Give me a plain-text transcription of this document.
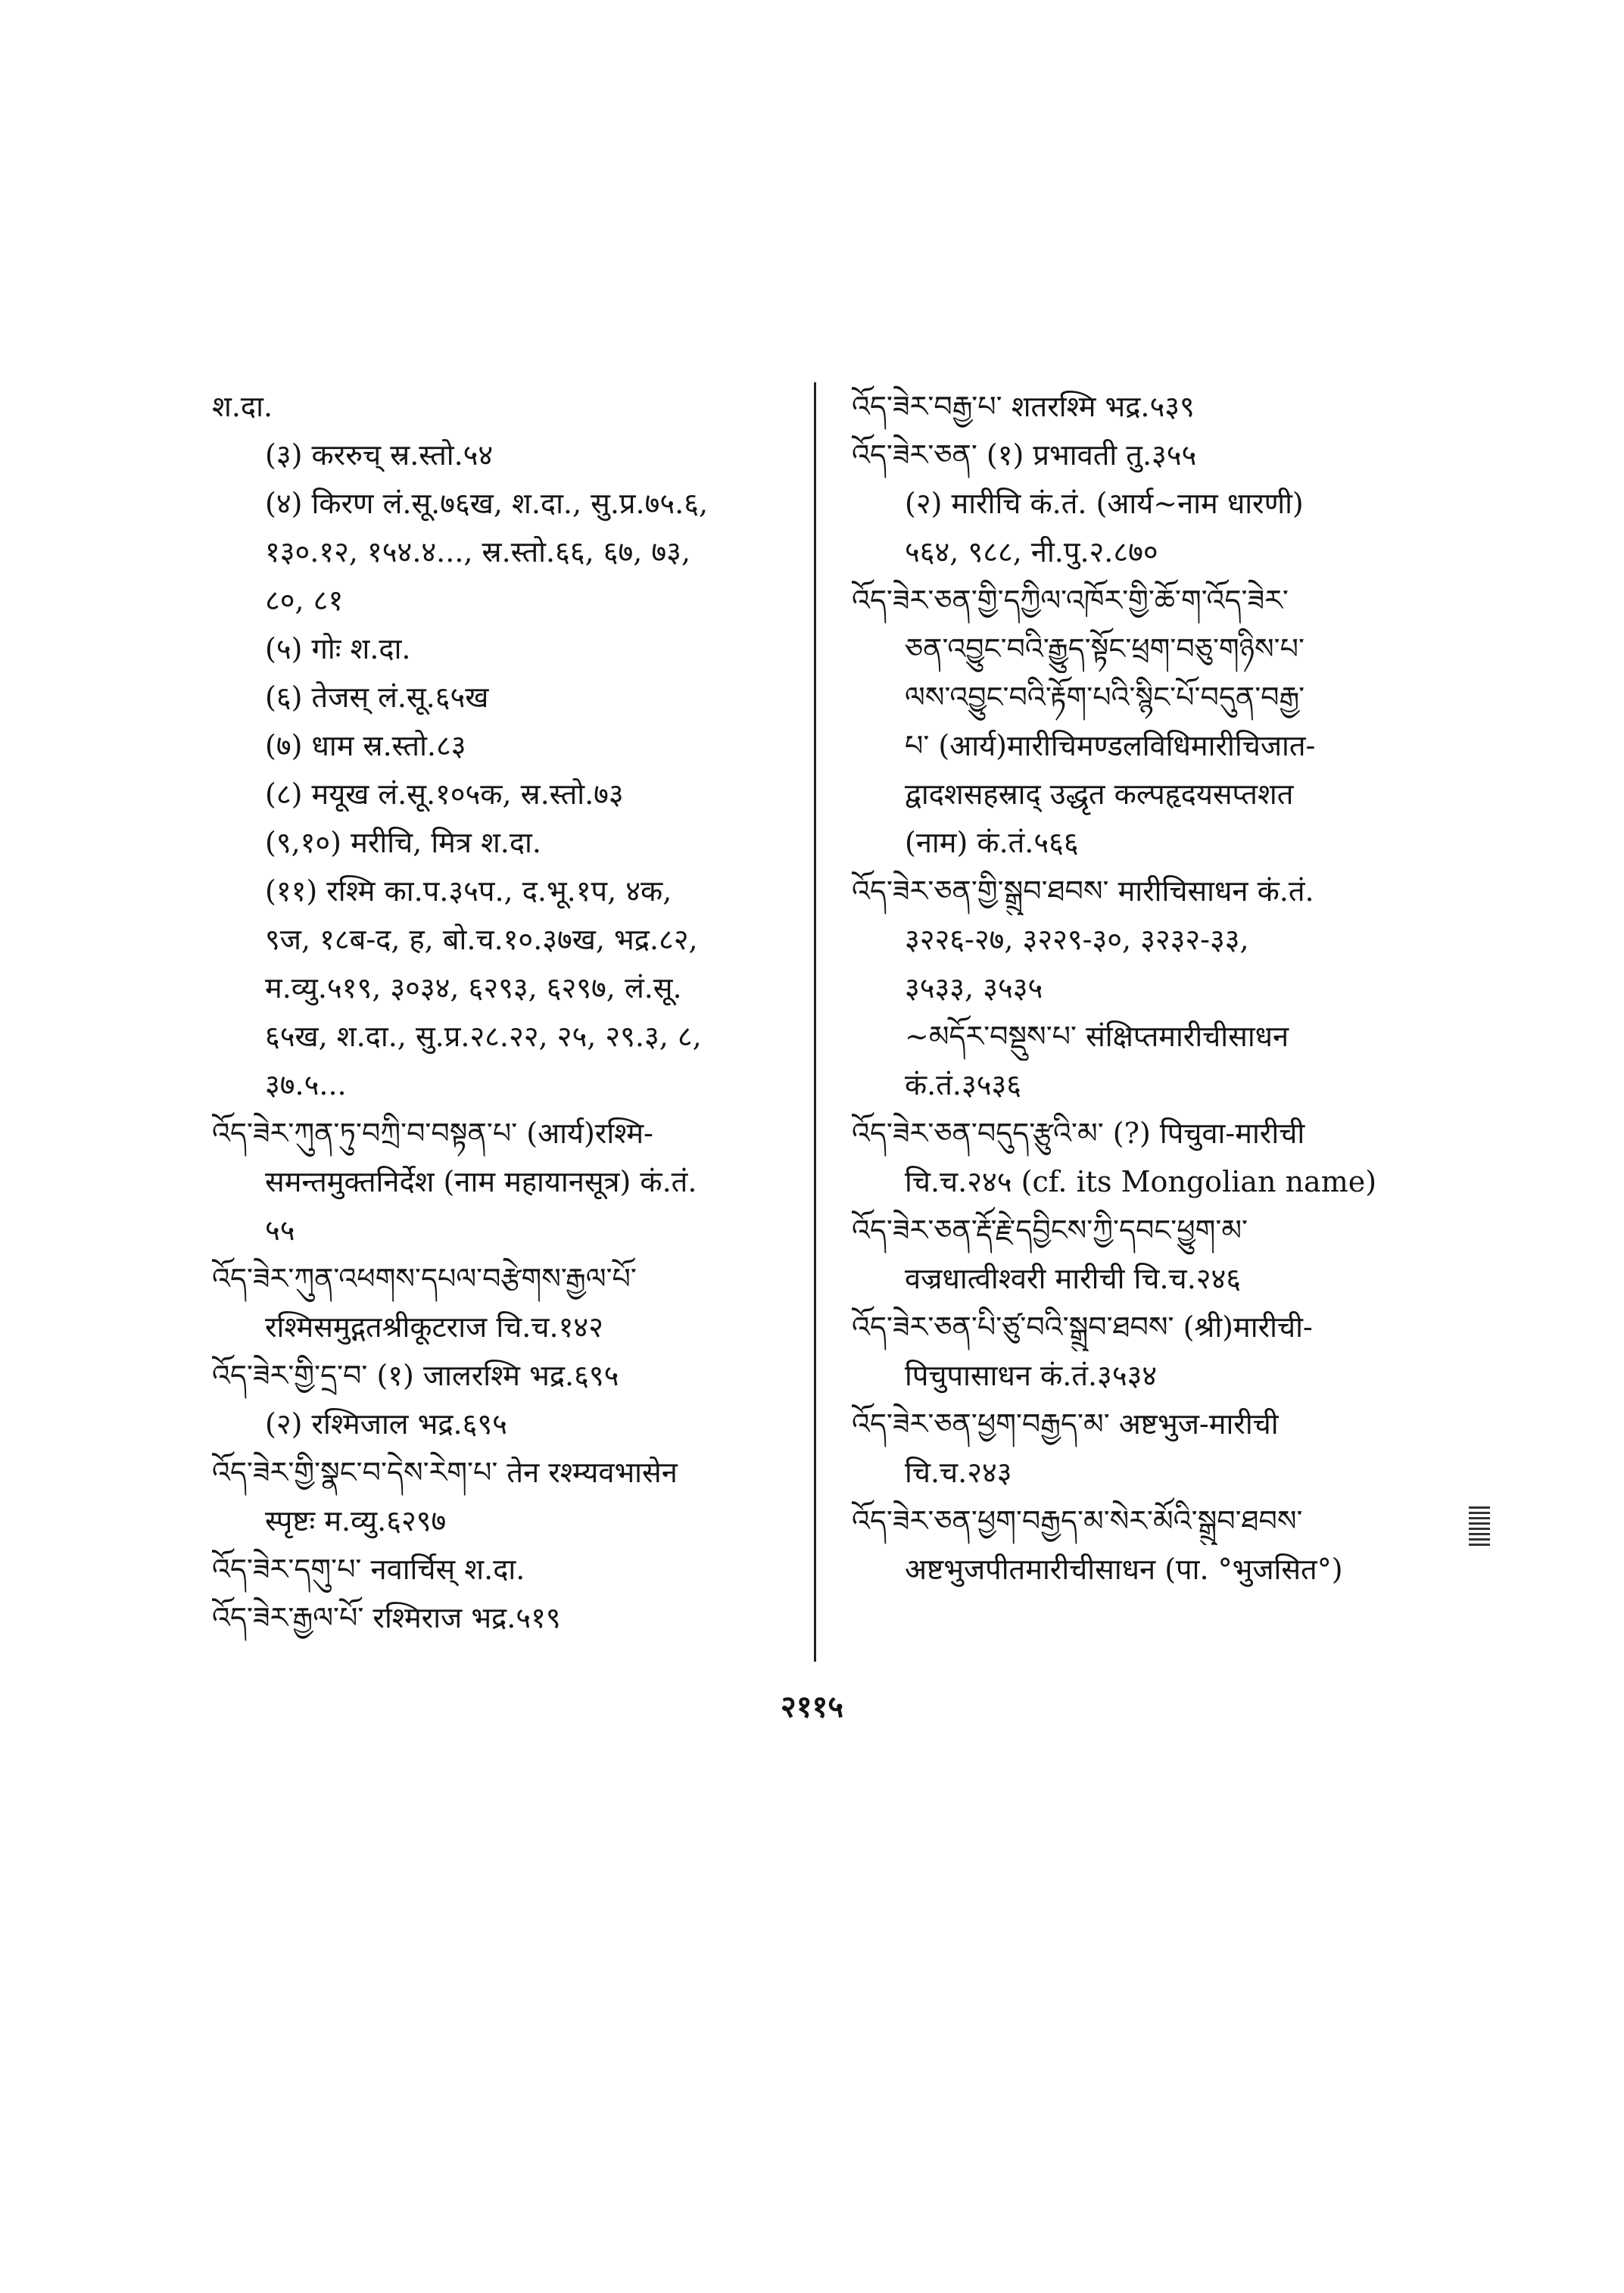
श.दा.
(३) कररुच् स्र.स्तो.५४
(४) किरण लं.सू.७६ख, श.दा., सु.प्र.७५.६,
१३०.१२, १५४.४..., स्र.स्तो.६६, ६७, ७३,
८०, ८१
(५) गोः श.दा.
(६) तेजस् लं.सू.६५ख
(७) धाम स्र.स्तो.८३
(८) मयूख लं.सू.१०५क, स्र.स्तो.७३
(९,१०) मरीचि, मित्र श.दा.
(११) रश्मि का.प.३५प., द.भू.१प, ४क,
९ज, १८ब-द, ह, बो.च.१०.३७ख, भद्र.८२,
म.व्यु.५१९, ३०३४, ६२९३, ६२९७, लं.सू.
६५ख, श.दा., सु.प्र.२८.२२, २५, २९.३, ८,
३७.५...
འོད་ཟེར་ཀུན་ཏུ་བཀྲི་བ་བསྟན་པ་ (आर्य)रश्मि-
समन्तमुक्तनिर्देश (नाम महायानसूत्र) कं.तं.
५५
འོད་ཟེར་ཀུན་འཕགས་དཔལ་བརྩེགས་རྒྱལ་པོ་
रश्मिसमुद्गतश्रीकूटराज चि.च.१४२
འོད་ཟེར་གྱི་དྲ་བ་ (१) जालरश्मि भद्र.६९५
(२) रश्मिजाल भद्र.६९५
འོད་ཟེར་གྱི་སྣང་བ་དེས་རེག་པ་ तेन रश्म्यवभासेन
स्पृष्टः म.व्यु.६२९७
འོད་ཟེར་དགུ་པ་ नवार्चिस् श.दा.
འོད་ཟེར་རྒྱལ་པོ་ रश्मिराज भद्र.५१९
འོད་ཟེར་བརྒྱ་པ་ शतरश्मि भद्र.५३९
འོད་ཟེར་ཅན་ (१) प्रभावती तु.३५५
(२) मारीचि कं.तं. (आर्य~नाम धारणी)
५६४, ९८८, नी.पु.२.८७०
འོད་ཟེར་ཅན་གྱི་དཀྱིལ་འཁོར་གྱི་ཆོ་ག་འོད་ཟེར་
ཅན་འབྱུང་བའི་རྒྱུད་སྟོང་ཕྲག་བཅུ་གཉིས་པ་
ལས་འབྱུང་བའི་རྟོག་པའི་སྙིང་པོ་བདུན་བརྒྱ་
པ་ (आर्य)मारीचिमण्डलविधिमारीचिजात-
द्वादशसहस्राद् उद्धृत कल्पहृदयसप्तशत
(नाम) कं.तं.५६६
འོད་ཟེར་ཅན་གྱི་སྒྲུབ་ཐབས་ मारीचिसाधन कं.तं.
३२२६-२७, ३२२९-३०, ३२३२-३३,
३५३३, ३५३५
~མདོར་བསྡུས་པ་ संक्षिप्तमारीचीसाधन
कं.तं.३५३६
འོད་ཟེར་ཅན་བདུད་རྩུའི་མ་ (?) पिचुवा-मारीची
चि.च.२४५ (cf. its Mongolian name)
འོད་ཟེར་ཅན་རྡོ་རྗེ་དབྱིངས་ཀྱི་དབང་ཕྱུག་མ་
वज्रधात्वीश्वरी मारीची चि.च.२४६
འོད་ཟེར་ཅན་པི་ཙུ་བའི་སྒྲུབ་ཐབས་ (श्री)मारीची-
पिचुपासाधन कं.तं.३५३४
འོད་ཟེར་ཅན་ཕྱག་བརྒྱད་མ་ अष्टभुज-मारीची
चि.च.२४३
འོད་ཟེར་ཅན་ཕྱག་བརྒྱད་མ་སེར་མོའི་སྒྲུབ་ཐབས་
अष्टभुजपीतमारीचीसाधन (पा. °भुजसित°)
२११५
